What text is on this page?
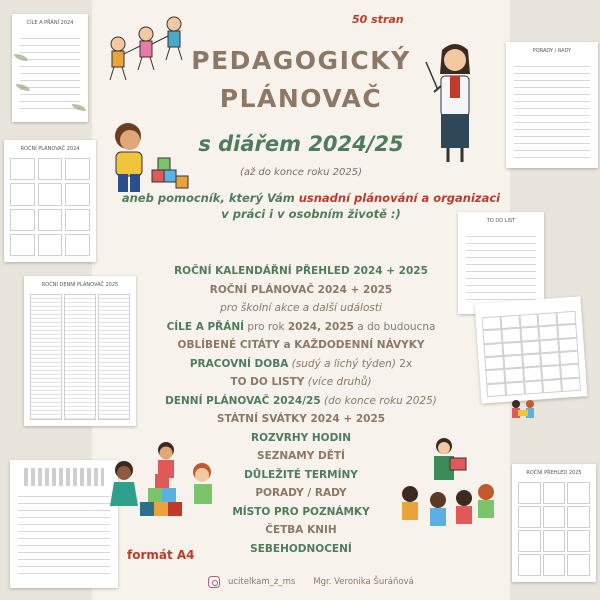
CÍLE A PŘÁNÍ 2024
ROČNÍ PLÁNOVAČ 2024
ROČNÍ DENNÍ PLÁNOVAČ 2025
PORADY / RADY
TO DO LIST
ROČNÍ PŘEHLED 2025
50 stran
PEDAGOGICKÝ
PLÁNOVAČ
s diářem 2024/25
(až do konce roku 2025)
aneb pomocník, který Vám usnadní plánování a organizaci
v práci i v osobním životě :)
ROČNÍ KALENDÁŘNÍ PŘEHLED 2024 + 2025
ROČNÍ PLÁNOVAČ 2024 + 2025
pro školní akce a další události
CÍLE A PŘÁNÍ pro rok 2024, 2025 a do budoucna
OBLÍBENÉ CITÁTY a KAŽDODENNÍ NÁVYKY
PRACOVNÍ DOBA (sudý a lichý týden) 2x
TO DO LISTY (více druhů)
DENNÍ PLÁNOVAČ 2024/25 (do konce roku 2025)
STÁTNÍ SVÁTKY 2024 + 2025
ROZVRHY HODIN
SEZNAMY DĚTÍ
DŮLEŽITÉ TERMÍNY
PORADY / RADY
MÍSTO PRO POZNÁMKY
ČETBA KNIH
SEBEHODNOCENÍ
formát A4
ucitelkam_z_ms Mgr. Veronika Šuráňová
